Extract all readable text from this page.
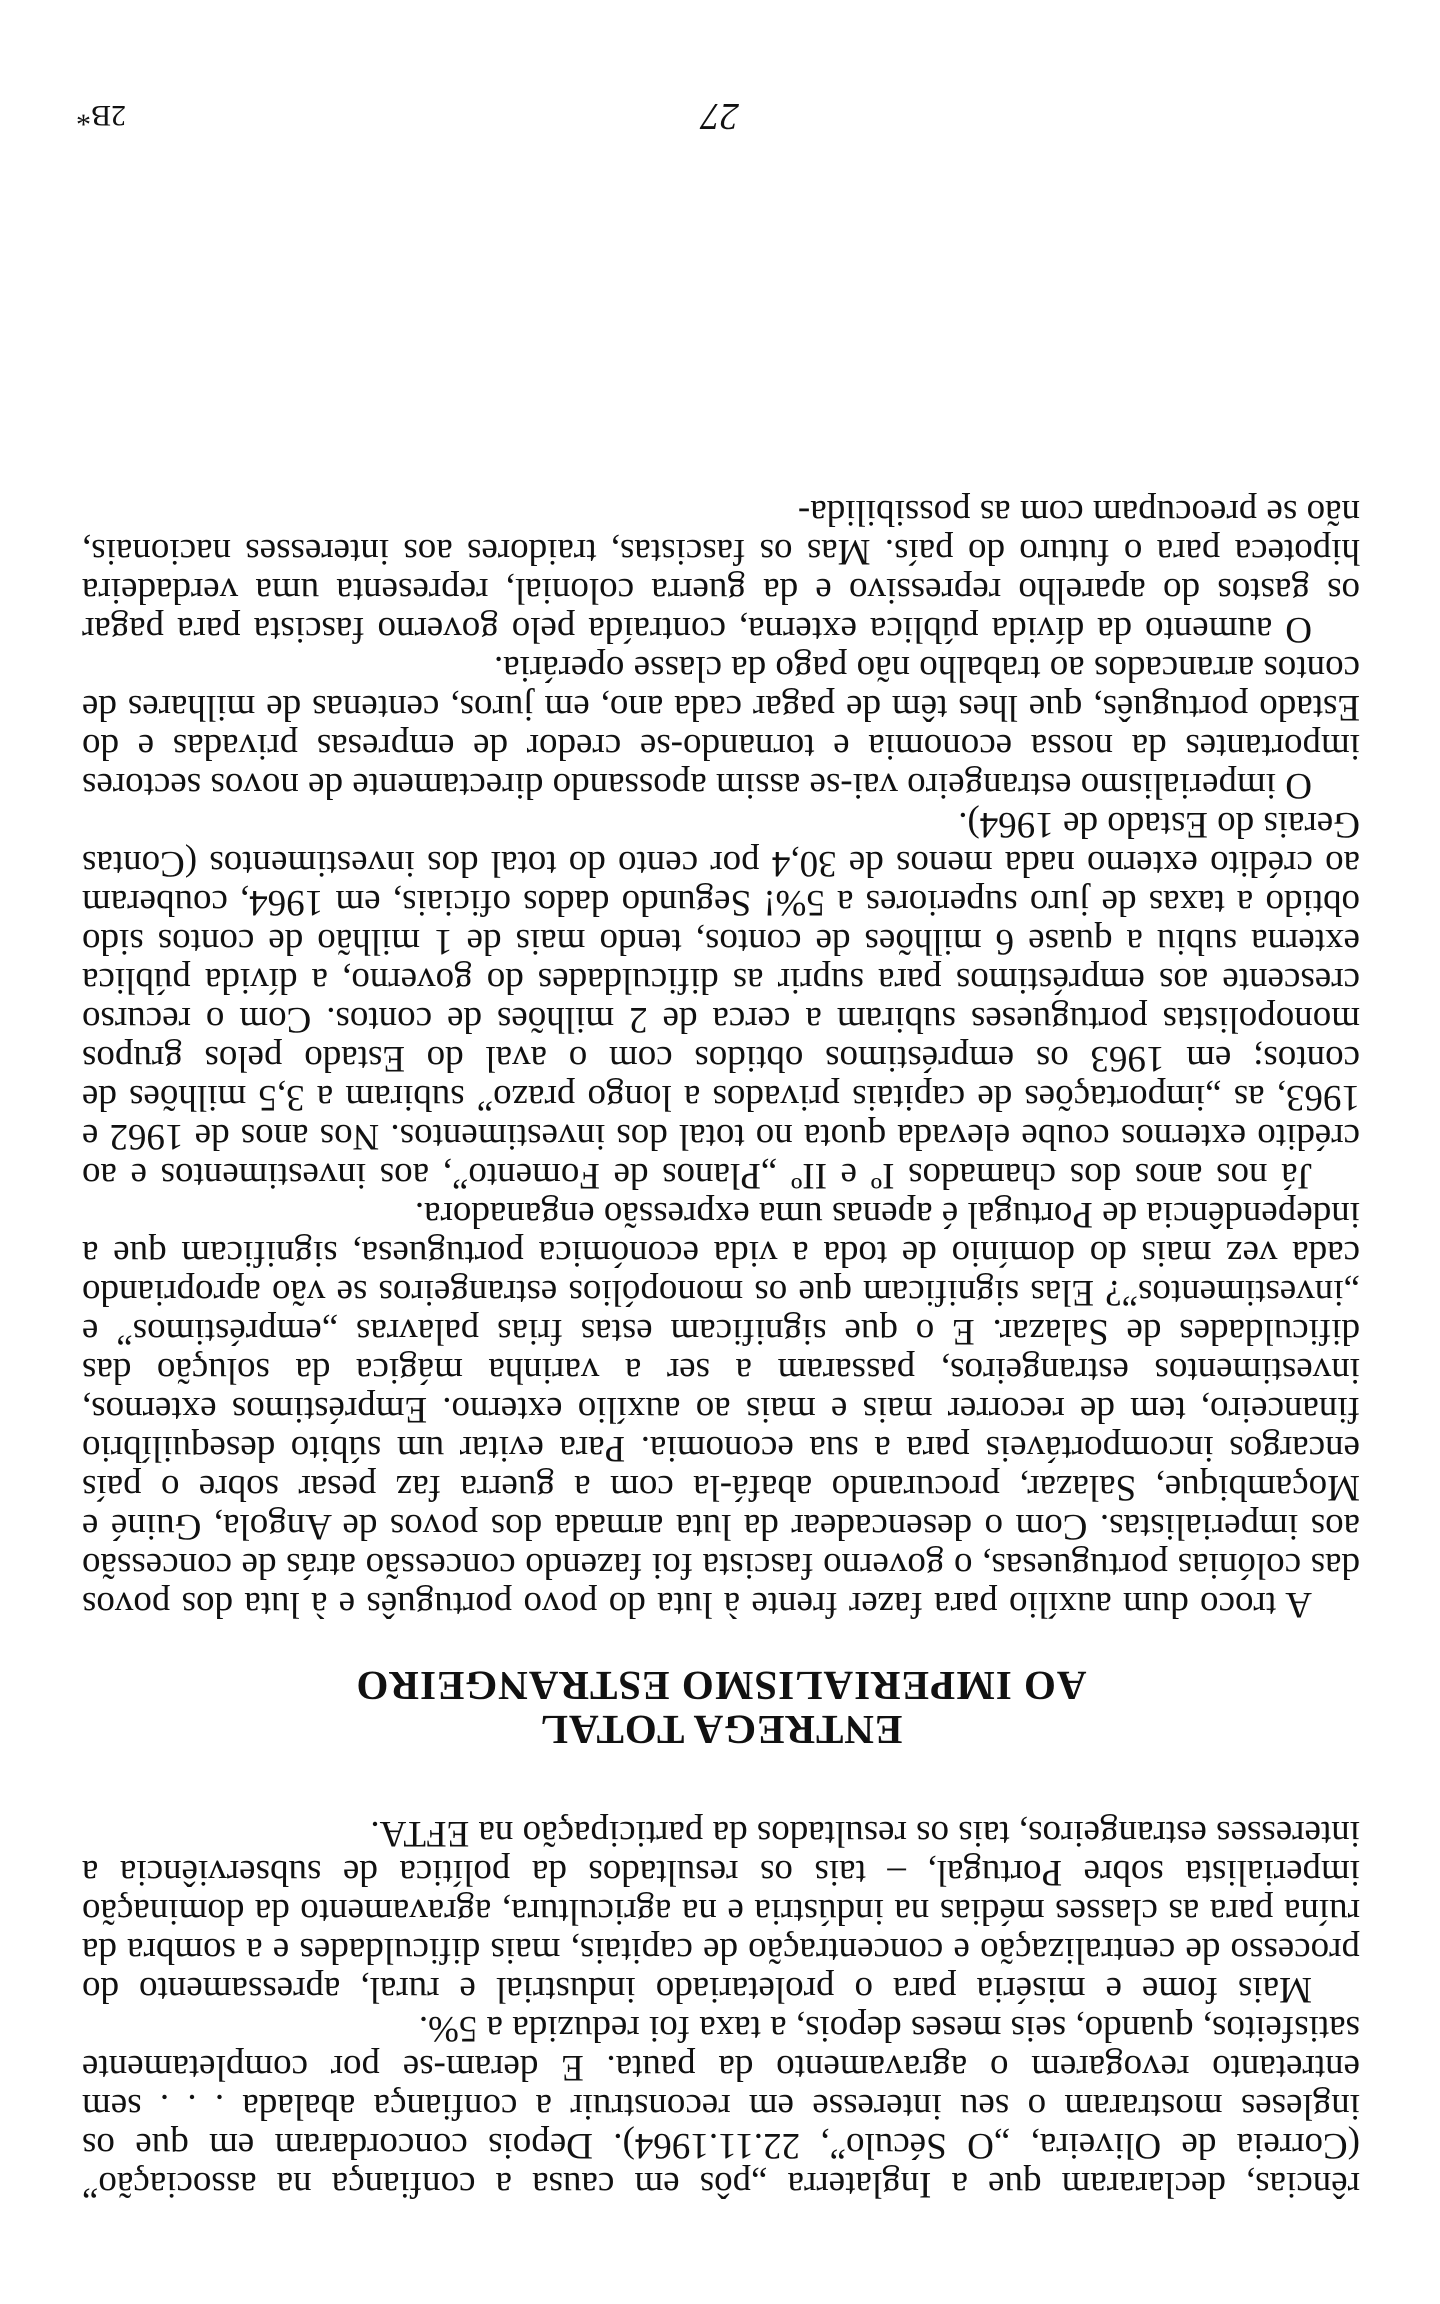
rências, declararam que a Inglaterra „pôs em causa a confiança na associação” (Correia de Oliveira, „O Século”, 22.11.1964). Depois concordaram em que os ingleses mostraram o seu interesse em reconstruir a confiança abalada . . . sem entretanto revogarem o agravamento da pauta. E deram-se por completamente satisfeitos, quando, seis meses depois, a taxa foi reduzida a 5%.

Mais fome e miséria para o proletariado industrial e rural, apressamento do processo de centralização e concentração de capitais, mais dificuldades e a sombra da ruína para as classes médias na indústria e na agricultura, agravamento da dominação imperialista sobre Portugal, – tais os resultados da política de subserviência a interesses estrangeiros, tais os resultados da participação na EFTA.

ENTREGA TOTAL
AO IMPERIALISMO ESTRANGEIRO

A troco dum auxílio para fazer frente à luta do povo português e à luta dos povos das colónias portuguesas, o governo fascista foi fazendo concessão atrás de concessão aos imperialistas. Com o desencadear da luta armada dos povos de Angola, Guiné e Moçambique, Salazar, procurando abafá-la com a guerra faz pesar sobre o país encargos incomportáveis para a sua economia. Para evitar um súbito desequilíbrio financeiro, tem de recorrer mais e mais ao auxílio externo. Empréstimos externos, investimentos estrangeiros, passaram a ser a varinha mágica da solução das dificuldades de Salazar. E o que significam estas frias palavras „empréstimos” e „investimentos”? Elas significam que os monopólios estrangeiros se vão apropriando cada vez mais do domínio de toda a vida económica portuguesa, significam que a independência de Portugal é apenas uma expressão enganadora.

Já nos anos dos chamados Iº e IIº „Planos de Fomento”, aos investimentos e ao crédito externos coube elevada quota no total dos investimentos. Nos anos de 1962 e 1963, as „importações de capitais privados a longo prazo” subiram a 3,5 milhões de contos; em 1963 os empréstimos obtidos com o aval do Estado pelos grupos monopolistas portugueses subiram a cerca de 2 milhões de contos. Com o recurso crescente aos empréstimos para suprir as dificuldades do governo, a dívida pública externa subiu a quase 6 milhões de contos, tendo mais de 1 milhão de contos sido obtido a taxas de juro superiores a 5%! Segundo dados oficiais, em 1964, couberam ao crédito externo nada menos de 30,4 por cento do total dos investimentos (Contas Gerais do Estado de 1964).

O imperialismo estrangeiro vai-se assim apossando directamente de novos sectores importantes da nossa economia e tornando-se credor de empresas privadas e do Estado português, que lhes têm de pagar cada ano, em juros, centenas de milhares de contos arrancados ao trabalho não pago da classe operária.

O aumento da dívida pública externa, contraída pelo governo fascista para pagar os gastos do aparelho repressivo e da guerra colonial, representa uma verdadeira hipoteca para o futuro do país. Mas os fascistas, traidores aos interesses nacionais, não se preocupam com as possibilida-

27
2B*
